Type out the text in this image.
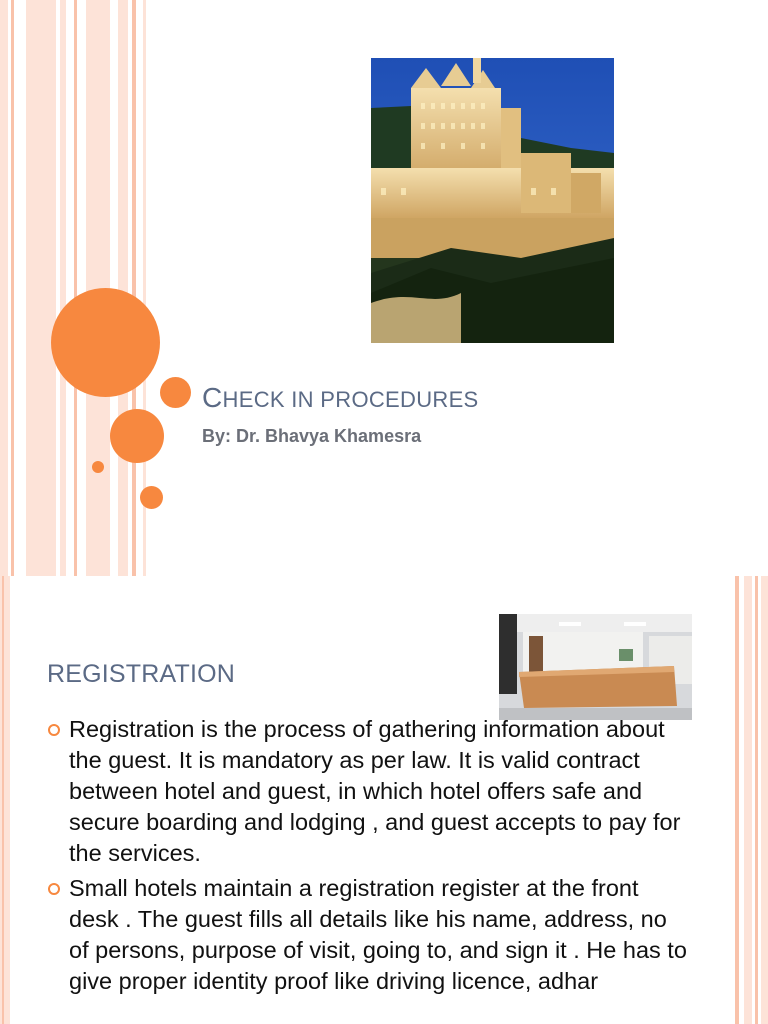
CHECK IN PROCEDURES
By: Dr. Bhavya Khamesra
REGISTRATION
Registration is the process of gathering information about the guest. It is mandatory as per law. It is valid contract between hotel and guest, in which hotel offers safe and secure boarding and lodging , and guest accepts to pay for the services.
Small hotels maintain a registration register at the front desk . The guest fills all details like his name, address, no of persons, purpose of visit, going to, and sign it . He has to give proper identity proof like driving licence, adhar
